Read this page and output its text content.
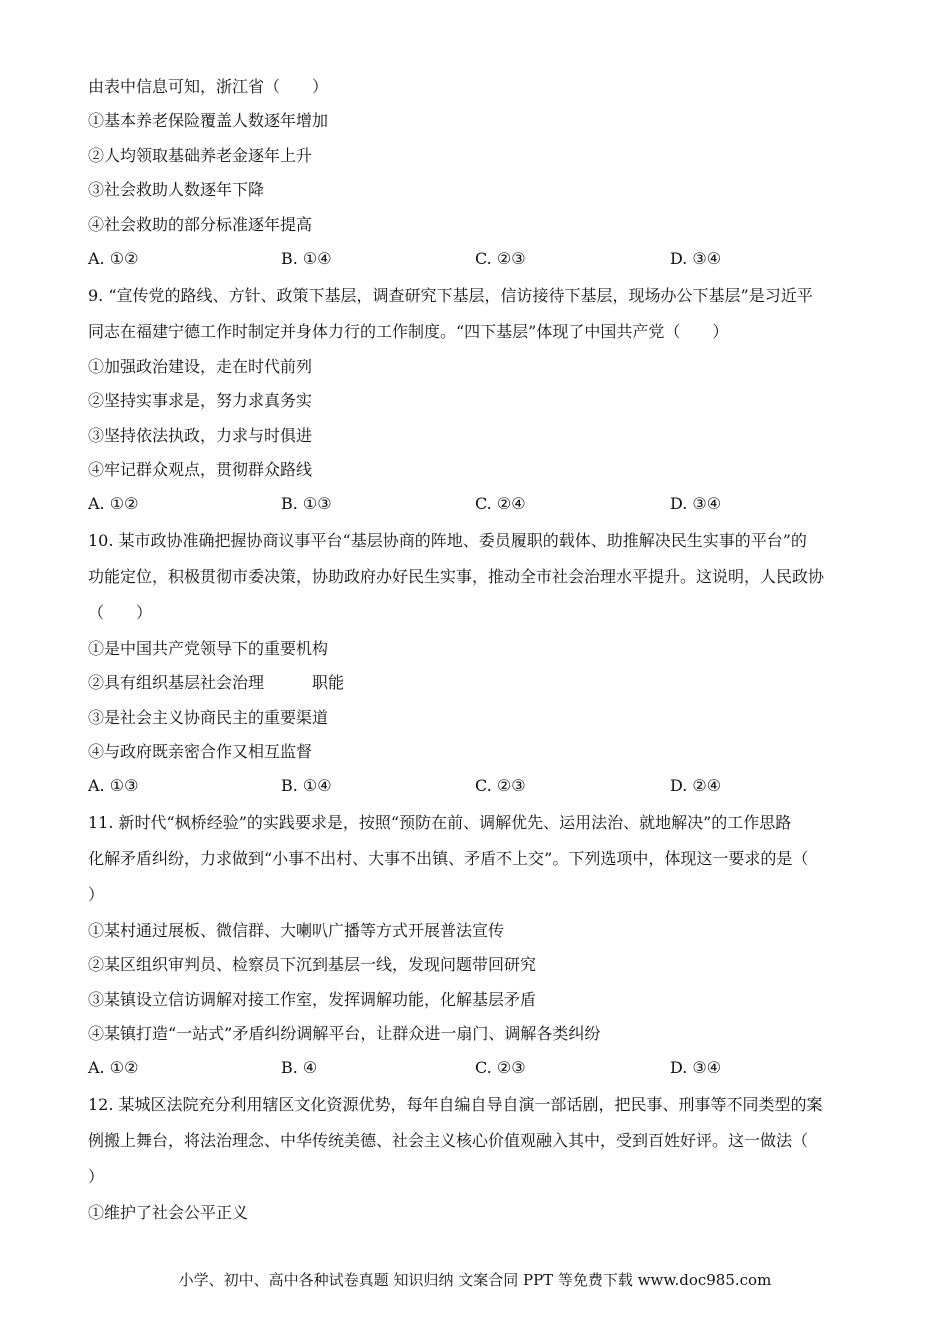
由表中信息可知，浙江省（　　）
①基本养老保险覆盖人数逐年增加
②人均领取基础养老金逐年上升
③社会救助人数逐年下降
④社会救助的部分标准逐年提高
A. ①②	B. ①④	C. ②③	D. ③④
9. “宣传党的路线、方针、政策下基层，调查研究下基层，信访接待下基层，现场办公下基层”是习近平
同志在福建宁德工作时制定并身体力行的工作制度。“四下基层”体现了中国共产党（　　）
①加强政治建设，走在时代前列
②坚持实事求是，努力求真务实
③坚持依法执政，力求与时俱进
④牢记群众观点，贯彻群众路线
A. ①②	B. ①③	C. ②④	D. ③④
10. 某市政协准确把握协商议事平台“基层协商的阵地、委员履职的载体、助推解决民生实事的平台”的
功能定位，积极贯彻市委决策，协助政府办好民生实事，推动全市社会治理水平提升。这说明，人民政协
（　　）
①是中国共产党领导下的重要机构
②具有组织基层社会治理　　　职能
③是社会主义协商民主的重要渠道
④与政府既亲密合作又相互监督
A. ①③	B. ①④	C. ②③	D. ②④
11. 新时代“枫桥经验”的实践要求是，按照“预防在前、调解优先、运用法治、就地解决”的工作思路
化解矛盾纠纷，力求做到“小事不出村、大事不出镇、矛盾不上交”。下列选项中，体现这一要求的是（
）
①某村通过展板、微信群、大喇叭广播等方式开展普法宣传
②某区组织审判员、检察员下沉到基层一线，发现问题带回研究
③某镇设立信访调解对接工作室，发挥调解功能，化解基层矛盾
④某镇打造“一站式”矛盾纠纷调解平台，让群众进一扇门、调解各类纠纷
A. ①②	B. ④	C. ②③	D. ③④
12. 某城区法院充分利用辖区文化资源优势，每年自编自导自演一部话剧，把民事、刑事等不同类型的案
例搬上舞台，将法治理念、中华传统美德、社会主义核心价值观融入其中，受到百姓好评。这一做法（
）
①维护了社会公平正义
小学、初中、高中各种试卷真题 知识归纳 文案合同 PPT 等免费下载 www.doc985.com
